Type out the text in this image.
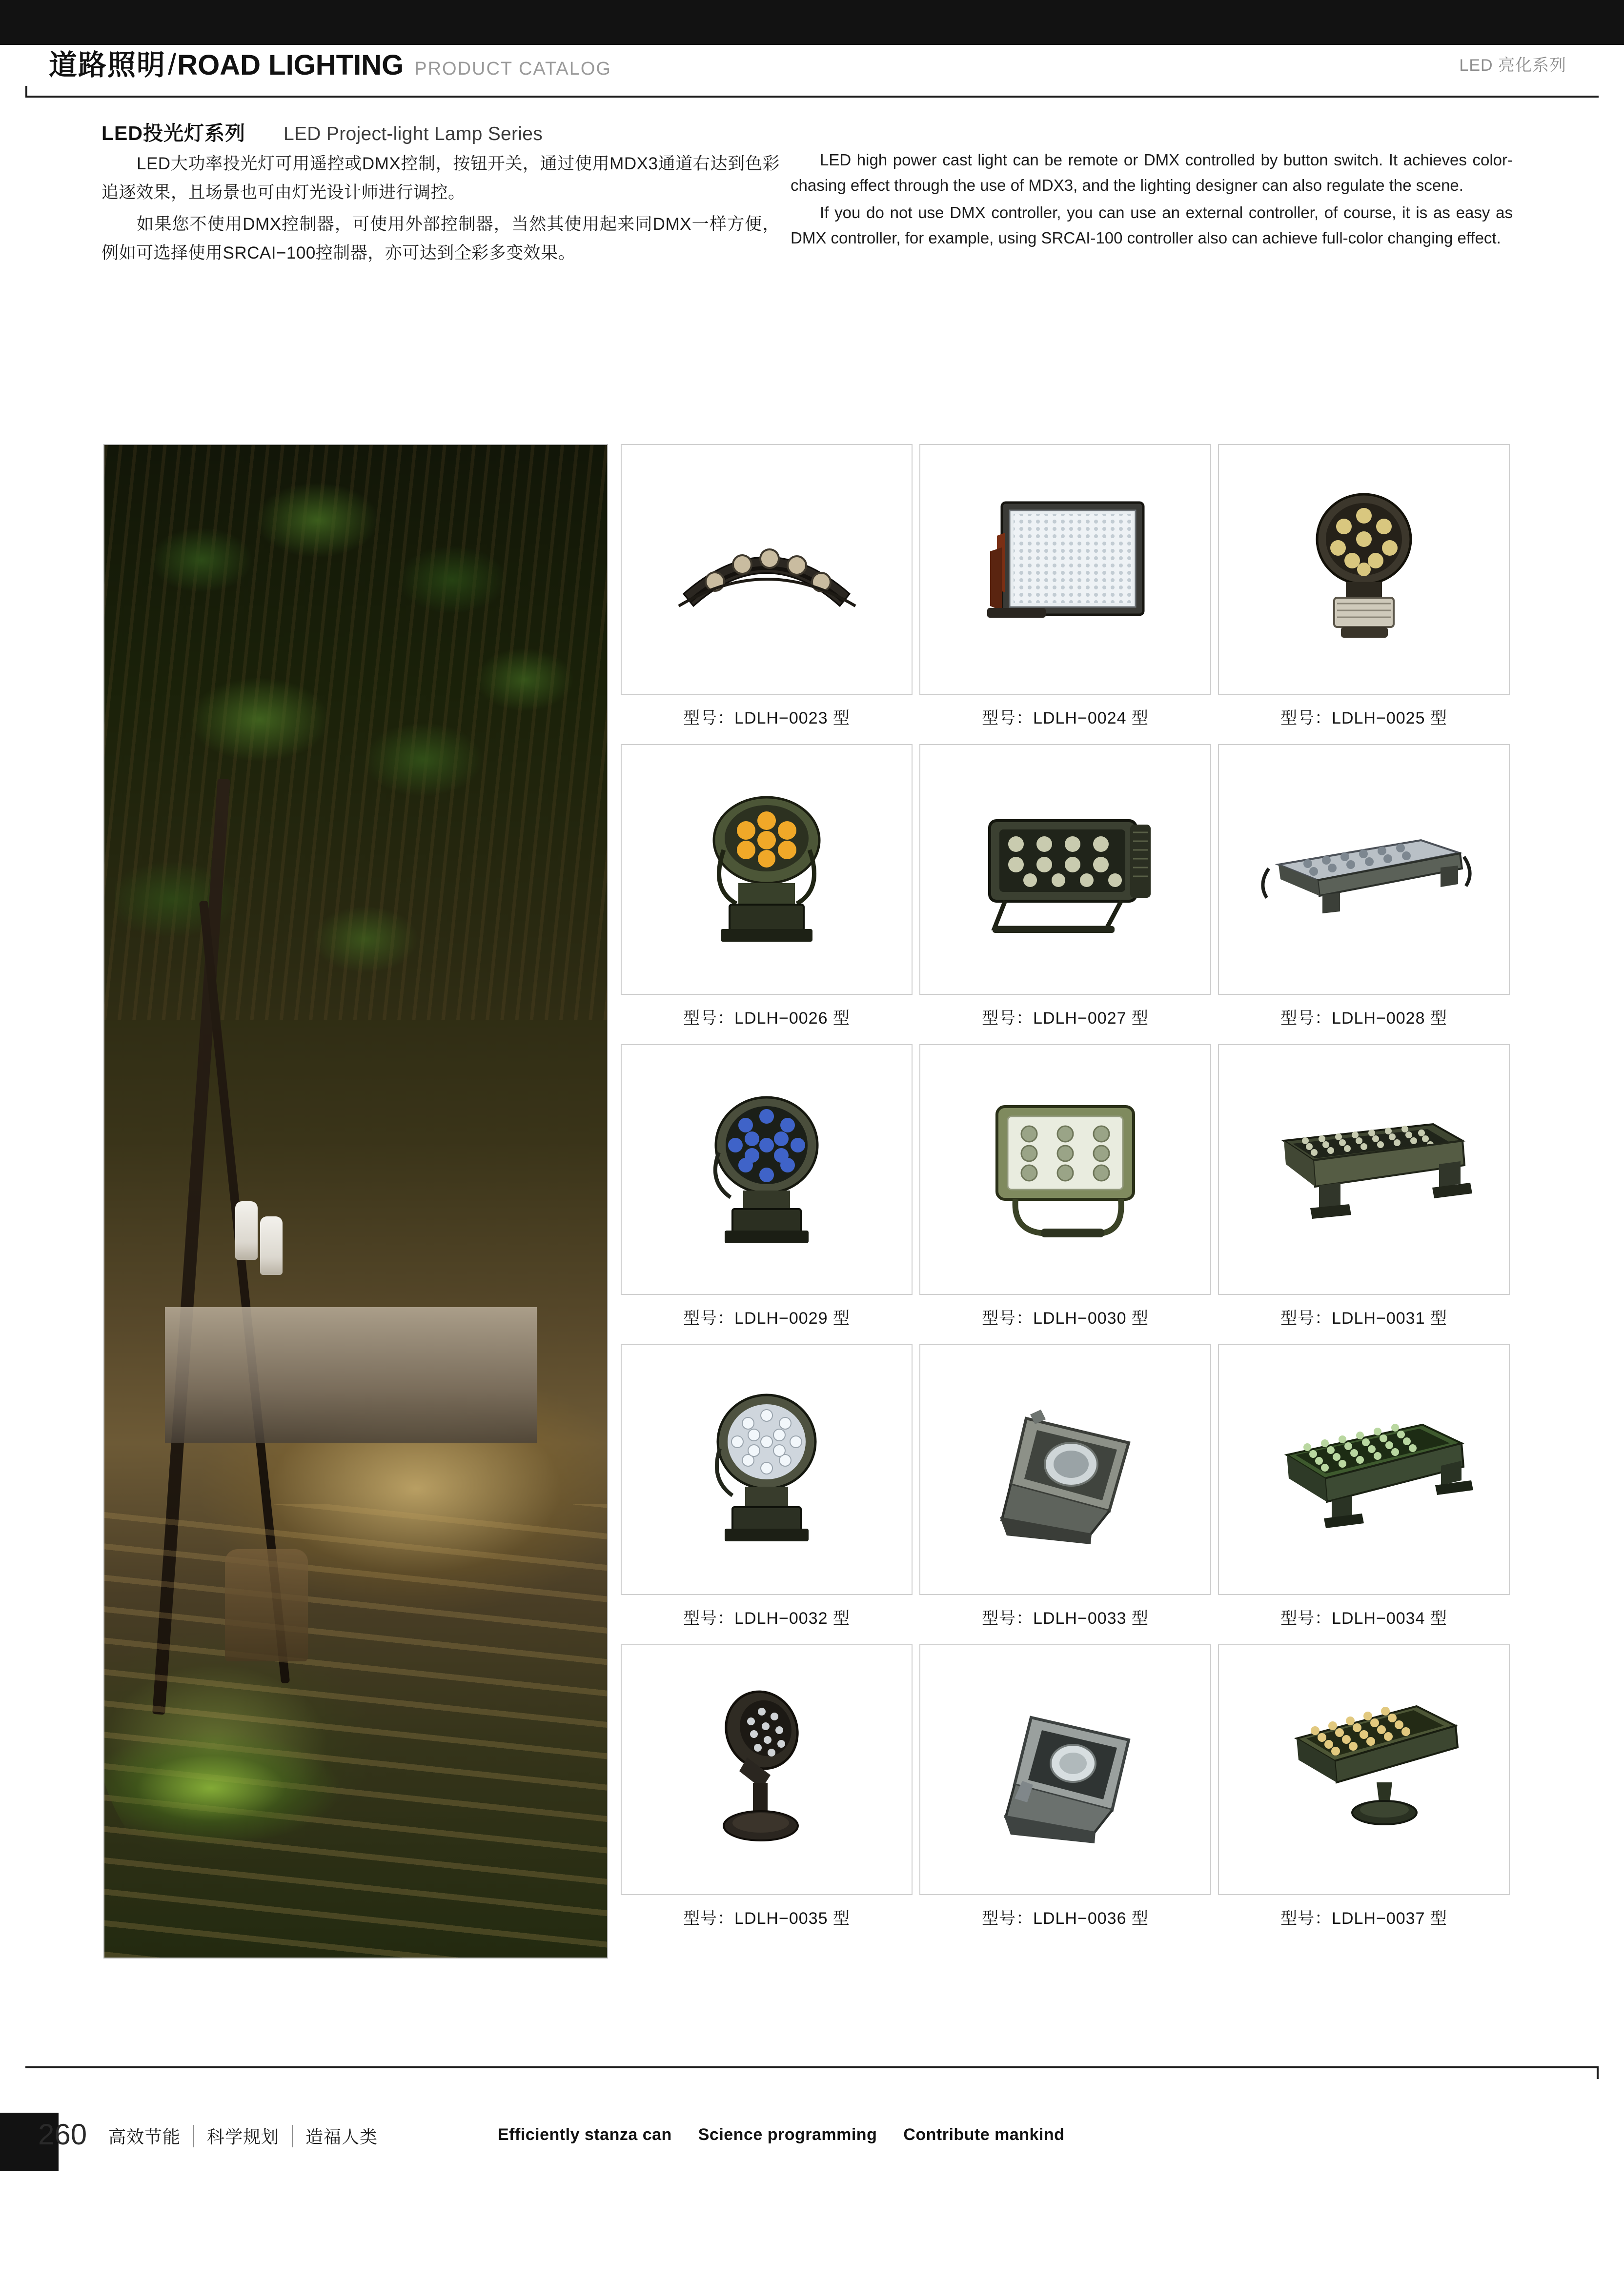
道路照明 / ROAD LIGHTING PRODUCT CATALOG	LED 亮化系列
LED投光灯系列 LED Project-light Lamp Series

LED大功率投光灯可用遥控或DMX控制，按钮开关，通过使用MDX3通道右达到色彩追逐效果，且场景也可由灯光设计师进行调控。

如果您不使用DMX控制器，可使用外部控制器，当然其使用起来同DMX一样方便，例如可选择使用SRCAI−100控制器，亦可达到全彩多变效果。

LED high power cast light can be remote or DMX controlled by button switch. It achieves color-chasing effect through the use of MDX3, and the lighting designer can also regulate the scene.

If you do not use DMX controller, you can use an external controller, of course, it is as easy as DMX controller, for example, using SRCAI-100 controller also can achieve full-color changing effect.

型号：LDLH−0023 型	型号：LDLH−0024 型	型号：LDLH−0025 型
型号：LDLH−0026 型	型号：LDLH−0027 型	型号：LDLH−0028 型
型号：LDLH−0029 型	型号：LDLH−0030 型	型号：LDLH−0031 型
型号：LDLH−0032 型	型号：LDLH−0033 型	型号：LDLH−0034 型
型号：LDLH−0035 型	型号：LDLH−0036 型	型号：LDLH−0037 型
260	高效节能	科学规划	造福人类	Efficiently stanza can Science programming Contribute mankind
